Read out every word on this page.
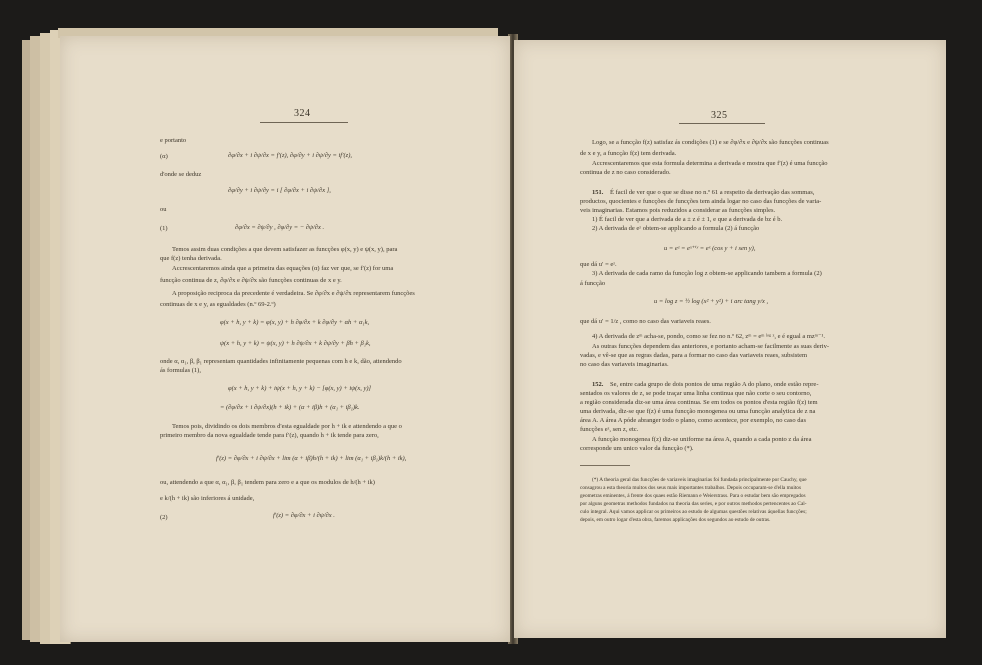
324
e portanto
(α)	∂φ/∂x + i ∂ψ/∂x = f′(z), ∂φ/∂y + i ∂ψ/∂y = if′(z),
d'onde se deduz
∂φ/∂y + i ∂ψ/∂y = i [ ∂φ/∂x + i ∂ψ/∂x ],
ou
(1)	∂φ/∂x = ∂ψ/∂y , ∂φ/∂y = − ∂ψ/∂x .
Temos assim duas condições a que devem satisfazer as funcções φ(x, y) e ψ(x, y), para
que f(z) tenha derivada.
Accrescentaremos ainda que a primeira das equações (α) faz ver que, se f′(z) for uma
funcção continua de z, ∂φ/∂x e ∂ψ/∂x são funcções continuas de x e y.
A proposição reciproca da precedente é verdadeira. Se ∂φ/∂x e ∂ψ/∂x representarem funcções
continuas de x e y, as egualdades (n.º 69-2.º)
φ(x + h, y + k) = φ(x, y) + h ∂φ/∂x + k ∂φ/∂y + αh + α₁k,
ψ(x + h, y + k) = ψ(x, y) + h ∂ψ/∂x + k ∂ψ/∂y + βh + β₁k,
onde α, α₁, β, β₁ representam quantidades infinitamente pequenas com h e k, dão, attendendo
ás formulas (1),
φ(x + h, y + k) + iψ(x + h, y + k) − [φ(x, y) + iψ(x, y)]
= (∂φ/∂x + i ∂ψ/∂x)(h + ik) + (α + iβ)h + (α₁ + iβ₁)k.
Temos pois, dividindo os dois membros d'esta egualdade por h + ik e attendendo a que o
primeiro membro da nova egualdade tende para f′(z), quando h + ik tende para zero,
f′(z) = ∂φ/∂x + i ∂ψ/∂x + lim (α + iβ)h/(h + ik) + lim (α₁ + iβ₁)k/(h + ik),
ou, attendendo a que α, α₁, β, β₁ tendem para zero e a que os modulos de h/(h + ik)
e k/(h + ik) são inferiores á unidade,
(2)	f′(z) = ∂φ/∂x + i ∂ψ/∂x .
325
Logo, se a funcção f(z) satisfaz ás condições (1) e se ∂φ/∂x e ∂ψ/∂x são funcções continuas
de x e y, a funcção f(z) tem derivada.
Accrescentaremos que esta formula determina a derivada e mostra que f′(z) é uma funcção
continua de z no caso considerado.
151. É facil de ver que o que se disse no n.º 61 a respeito da derivação das sommas,
productos, quocientes e funcções de funcções tem ainda logar no caso das funcções de varia-
veis imaginarias. Estamos pois reduzidos a considerar as funcções simples.
1) É facil de ver que a derivada de a ± z é ± 1, e que a derivada de bz é b.
2) A derivada de eᶻ obtem-se applicando a formula (2) á funcção
u = eᶻ = eˣ⁺ⁱʸ = eˣ (cos y + i sen y),
que dá u′ = eᶻ.
3) A derivada de cada ramo da funcção log z obtem-se applicando tambem a formula (2)
á funcção
u = log z = ½ log (x² + y²) + i arc tang y/x ,
que dá u′ = 1/z , como no caso das variaveis reaes.
4) A derivada de zᵐ acha-se, pondo, como se fez no n.º 62, zᵐ = eᵐ ˡᵒᵍ ᶻ, e é egual a mzᵐ⁻¹.
As outras funcções dependem das anteriores, e portanto acham-se facilmente as suas deriv-
vadas, e vê-se que as regras dadas, para a formar no caso das variaveis reaes, subsistem
no caso das variaveis imaginarias.
152. Se, entre cada grupo de dois pontos de uma região A do plano, onde estão repre-
sentados os valores de z, se pode traçar uma linha continua que não corte o seu contorno,
a região considerada diz-se uma área continua. Se em todos os pontos d'esta região f(z) tem
uma derivada, diz-se que f(z) é uma funcção monogenea ou uma funcção analytica de z na
área A. A área A póde abranger todo o plano, como acontece, por exemplo, no caso das
funcções eᶻ, sen z, etc.
A funcção monogenea f(z) diz-se uniforme na área A, quando a cada ponto z da área
corresponde um unico valor da funcção (*).
(*) A theoria geral das funcções de variaveis imaginarias foi fundada principalmente por Cauchy, que
consagrou a esta theoria muitos dos seus mais importantes trabalhos. Depois occuparam-se d'ella muitos
geometras eminentes, á frente dos quaes estão Riemann e Weierstrass. Para o estudar bem são empregados
por alguns geometras methodos fundados na theoria das series, e por outros methodos pertencentes ao Cal-
culo integral. Aqui vamos applicar os primeiros ao estudo de algumas questões relativas áquellas funcções;
depois, em outro logar d'esta obra, faremos applicações dos segundos ao estudo de outras.
